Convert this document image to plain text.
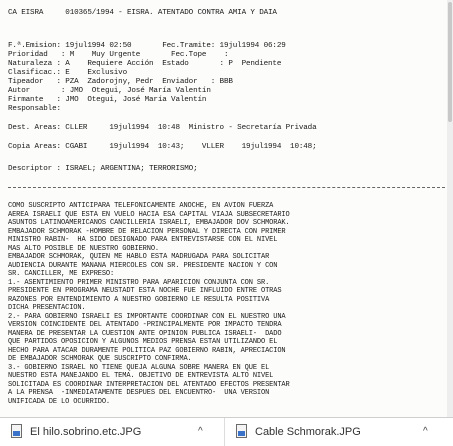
CA EISRA     010365/1994 - EISRA. ATENTADO CONTRA AMIA Y DAIA
F.ª.Emision: 19jul1994 02:50       Fec.Tramite: 19jul1994 06:29
Prioridad   : M    Muy Urgente       Fec.Tope    :
Naturaleza : A    Requiere Acción  Estado       : P  Pendiente
Clasificac.: E    Exclusivo
Tipeador   : PZA  Zadorojny, Pedr  Enviador   : BBB
Autor       : JMO  Otegui, José María Valentín
Firmante   : JMO  Otegui, José María Valentín
Responsable:
Dest. Areas: CLLER     19jul1994  10:48  Ministro - Secretaría Privada
Copia Areas: CGABI     19jul1994  10:43;    VLLER    19jul1994  10:48;
Descriptor : ISRAEL; ARGENTINA; TERRORISMO;
COMO SUSCRIPTO ANTICIPARA TELEFONICAMENTE ANOCHE, EN AVION FUERZA
AEREA ISRAELI QUE ESTA EN VUELO HACIA ESA CAPITAL VIAJA SUBSECRETARIO
ASUNTOS LATINOAMERICANOS CANCILLERIA ISRAELI, EMBAJADOR DOV SCHMORAK.
EMBAJADOR SCHMORAK -HOMBRE DE RELACION PERSONAL Y DIRECTA CON PRIMER
MINISTRO RABIN-  HA SIDO DESIGNADO PARA ENTREVISTARSE CON EL NIVEL
MAS ALTO POSIBLE DE NUESTRO GOBIERNO.
EMBAJADOR SCHMORAK, QUIEN ME HABLO ESTA MADRUGADA PARA SOLICITAR
AUDIENCIA DURANTE MANANA MIERCOLES CON SR. PRESIDENTE NACION Y CON
SR. CANCILLER, ME EXPRESO:
1.- ASENTIMIENTO PRIMER MINISTRO PARA APARICION CONJUNTA CON SR.
PRESIDENTE EN PROGRAMA NEUSTADT ESTA NOCHE FUE INFLUIDO ENTRE OTRAS
RAZONES POR ENTENDIMIENTO A NUESTRO GOBIERNO LE RESULTA POSITIVA
DICHA PRESENTACION.
2.- PARA GOBIERNO ISRAELI ES IMPORTANTE COORDINAR CON EL NUESTRO UNA
VERSION COINCIDENTE DEL ATENTADO -PRINCIPALMENTE POR IMPACTO TENDRA
MANERA DE PRESENTAR LA CUESTION ANTE OPINION PUBLICA ISRAELI-  DADO
QUE PARTIDOS OPOSICION Y ALGUNOS MEDIOS PRENSA ESTAN UTILIZANDO EL
HECHO PARA ATACAR DURAMENTE POLITICA PAZ GOBIERNO RABIN, APRECIACION
DE EMBAJADOR SCHMORAK QUE SUSCRIPTO CONFIRMA.
3.- GOBIERNO ISRAEL NO TIENE QUEJA ALGUNA SOBRE MANERA EN QUE EL
NUESTRO ESTA MANEJANDO EL TEMA. OBJETIVO DE ENTREVISTA ALTO NIVEL
SOLICITADA ES COORDINAR INTERPRETACION DEL ATENTADO EFECTOS PRESENTAR
A LA PRENSA  -INMEDIATAMENTE DESPUES DEL ENCUENTRO-  UNA VERSION
UNIFICADA DE LO OCURRIDO.
El hilo.sobrino.etc.JPG	^	Cable Schmorak.JPG	^
